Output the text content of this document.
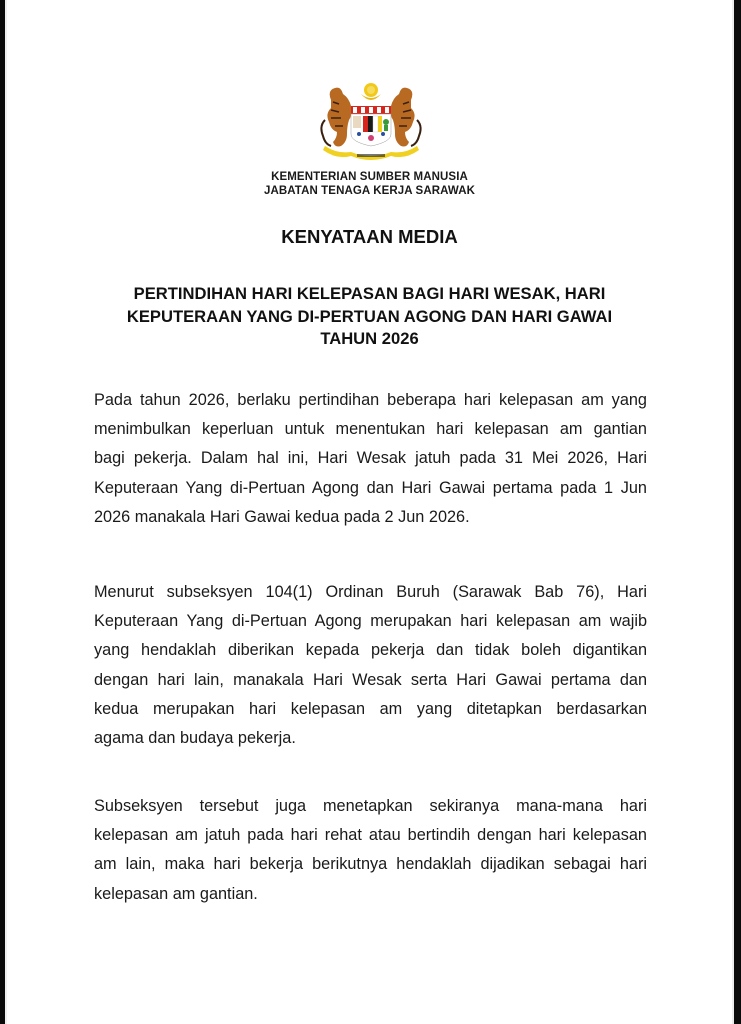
KEMENTERIAN SUMBER MANUSIA
JABATAN TENAGA KERJA SARAWAK
KENYATAAN MEDIA
PERTINDIHAN HARI KELEPASAN BAGI HARI WESAK, HARI
KEPUTERAAN YANG DI-PERTUAN AGONG DAN HARI GAWAI
TAHUN 2026
Pada tahun 2026, berlaku pertindihan beberapa hari kelepasan am yang
menimbulkan keperluan untuk menentukan hari kelepasan am gantian
bagi pekerja. Dalam hal ini, Hari Wesak jatuh pada 31 Mei 2026, Hari
Keputeraan Yang di-Pertuan Agong dan Hari Gawai pertama pada 1 Jun
2026 manakala Hari Gawai kedua pada 2 Jun 2026.
Menurut subseksyen 104(1) Ordinan Buruh (Sarawak Bab 76), Hari
Keputeraan Yang di-Pertuan Agong merupakan hari kelepasan am wajib
yang hendaklah diberikan kepada pekerja dan tidak boleh digantikan
dengan hari lain, manakala Hari Wesak serta Hari Gawai pertama dan
kedua merupakan hari kelepasan am yang ditetapkan berdasarkan
agama dan budaya pekerja.
Subseksyen tersebut juga menetapkan sekiranya mana-mana hari
kelepasan am jatuh pada hari rehat atau bertindih dengan hari kelepasan
am lain, maka hari bekerja berikutnya hendaklah dijadikan sebagai hari
kelepasan am gantian.
